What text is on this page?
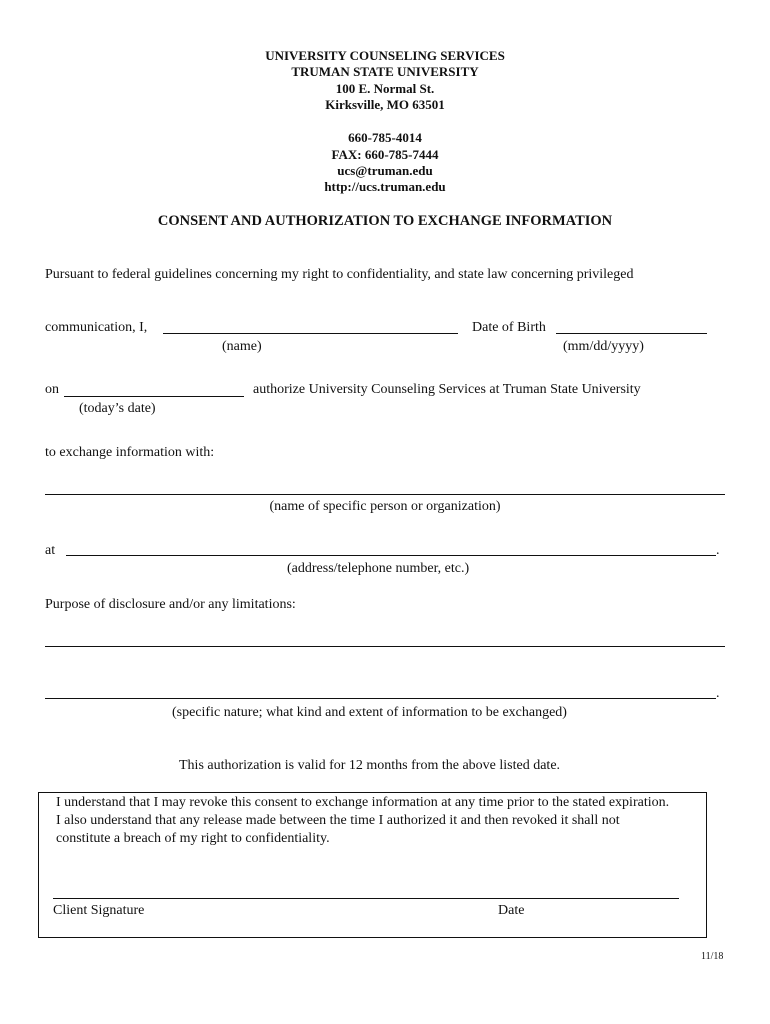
UNIVERSITY COUNSELING SERVICES
TRUMAN STATE UNIVERSITY
100 E. Normal St.
Kirksville, MO 63501
660-785-4014
FAX: 660-785-7444
ucs@truman.edu
http://ucs.truman.edu
CONSENT AND AUTHORIZATION TO EXCHANGE INFORMATION
Pursuant to federal guidelines concerning my right to confidentiality, and state law concerning privileged
communication, I,	Date of Birth
(name)	(mm/dd/yyyy)
on	authorize University Counseling Services at Truman State University
(today’s date)
to exchange information with:
(name of specific person or organization)
at	.
(address/telephone number, etc.)
Purpose of disclosure and/or any limitations:
.
(specific nature; what kind and extent of information to be exchanged)
This authorization is valid for 12 months from the above listed date.
I understand that I may revoke this consent to exchange information at any time prior to the stated expiration.
I also understand that any release made between the time I authorized it and then revoked it shall not
constitute a breach of my right to confidentiality.
Client Signature	Date
11/18
